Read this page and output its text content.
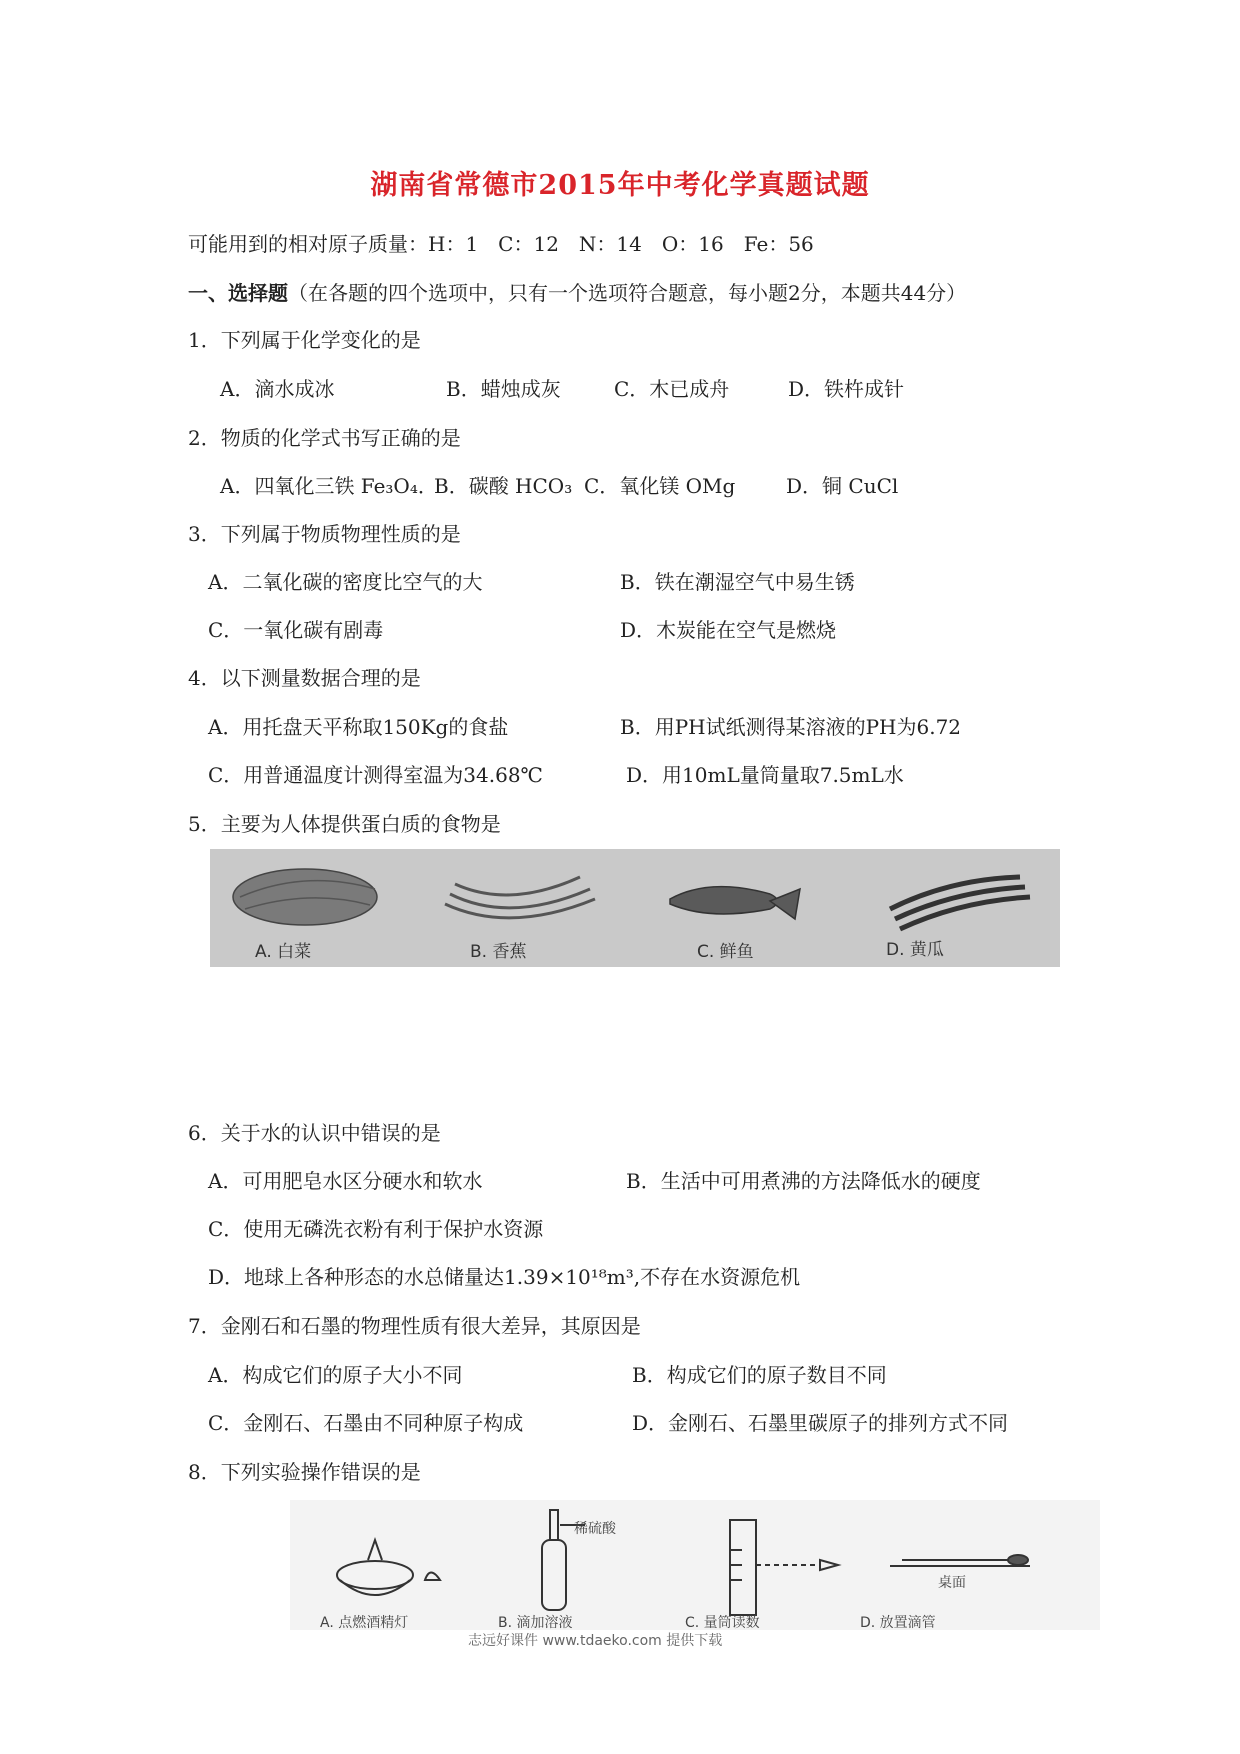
湖南省常德市2015年中考化学真题试题
可能用到的相对原子质量：H：1　C：12　N：14　O：16　Fe：56
一、选择题（在各题的四个选项中，只有一个选项符合题意，每小题2分，本题共44分）
1．下列属于化学变化的是
A．滴水成冰	B．蜡烛成灰	C．木已成舟	D．铁杵成针
2．物质的化学式书写正确的是
A．四氧化三铁 Fe₃O₄．
B．碳酸 HCO₃ C．氧化镁 OMg	D．铜 CuCl
3．下列属于物质物理性质的是
A．二氧化碳的密度比空气的大	B．铁在潮湿空气中易生锈
C．一氧化碳有剧毒	D．木炭能在空气是燃烧
4．以下测量数据合理的是
A．用托盘天平称取150Kg的食盐	B．用PH试纸测得某溶液的PH为6.72
C．用普通温度计测得室温为34.68℃	D．用10mL量筒量取7.5mL水
5．主要为人体提供蛋白质的食物是
A. 白菜	B. 香蕉	C. 鲜鱼	D. 黄瓜
6．关于水的认识中错误的是
A．可用肥皂水区分硬水和软水	B．生活中可用煮沸的方法降低水的硬度
C．使用无磷洗衣粉有利于保护水资源
D．地球上各种形态的水总储量达1.39×10¹⁸m³,不存在水资源危机
7．金刚石和石墨的物理性质有很大差异，其原因是
A．构成它们的原子大小不同	B．构成它们的原子数目不同
C．金刚石、石墨由不同种原子构成	D．金刚石、石墨里碳原子的排列方式不同
8．下列实验操作错误的是
稀硫酸
桌面
A. 点燃酒精灯	B. 滴加溶液	C. 量筒读数	D. 放置滴管
志远好课件 www.tdaeko.com 提供下载
